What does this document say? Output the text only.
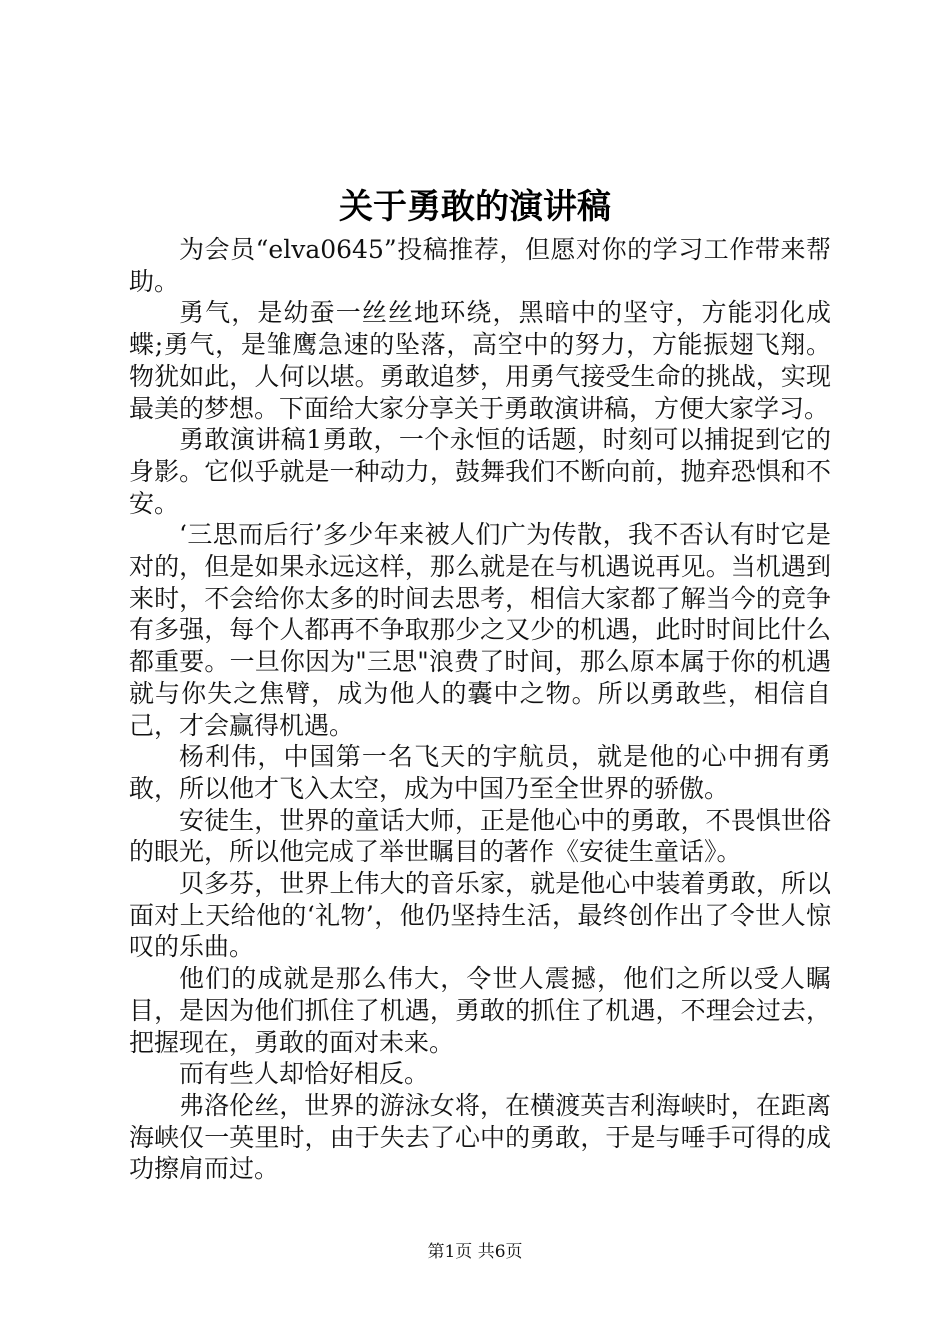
关于勇敢的演讲稿

为会员“elva0645”投稿推荐，但愿对你的学习工作带来帮助。

勇气，是幼蚕一丝丝地环绕，黑暗中的坚守，方能羽化成蝶;勇气，是雏鹰急速的坠落，高空中的努力，方能振翅飞翔。物犹如此，人何以堪。勇敢追梦，用勇气接受生命的挑战，实现最美的梦想。下面给大家分享关于勇敢演讲稿，方便大家学习。

勇敢演讲稿1勇敢，一个永恒的话题，时刻可以捕捉到它的身影。它似乎就是一种动力，鼓舞我们不断向前，抛弃恐惧和不安。

‘三思而后行’多少年来被人们广为传散，我不否认有时它是对的，但是如果永远这样，那么就是在与机遇说再见。当机遇到来时，不会给你太多的时间去思考，相信大家都了解当今的竞争有多强，每个人都再不争取那少之又少的机遇，此时时间比什么都重要。一旦你因为"三思"浪费了时间，那么原本属于你的机遇就与你失之焦臂，成为他人的囊中之物。所以勇敢些，相信自己，才会赢得机遇。

杨利伟，中国第一名飞天的宇航员，就是他的心中拥有勇敢，所以他才飞入太空，成为中国乃至全世界的骄傲。

安徒生，世界的童话大师，正是他心中的勇敢，不畏惧世俗的眼光，所以他完成了举世瞩目的著作《安徒生童话》。

贝多芬，世界上伟大的音乐家，就是他心中装着勇敢，所以面对上天给他的‘礼物’，他仍坚持生活，最终创作出了令世人惊叹的乐曲。

他们的成就是那么伟大，令世人震撼，他们之所以受人瞩目，是因为他们抓住了机遇，勇敢的抓住了机遇，不理会过去，把握现在，勇敢的面对未来。

而有些人却恰好相反。

弗洛伦丝，世界的游泳女将，在横渡英吉利海峡时，在距离海峡仅一英里时，由于失去了心中的勇敢，于是与唾手可得的成功擦肩而过。

第1页 共6页
